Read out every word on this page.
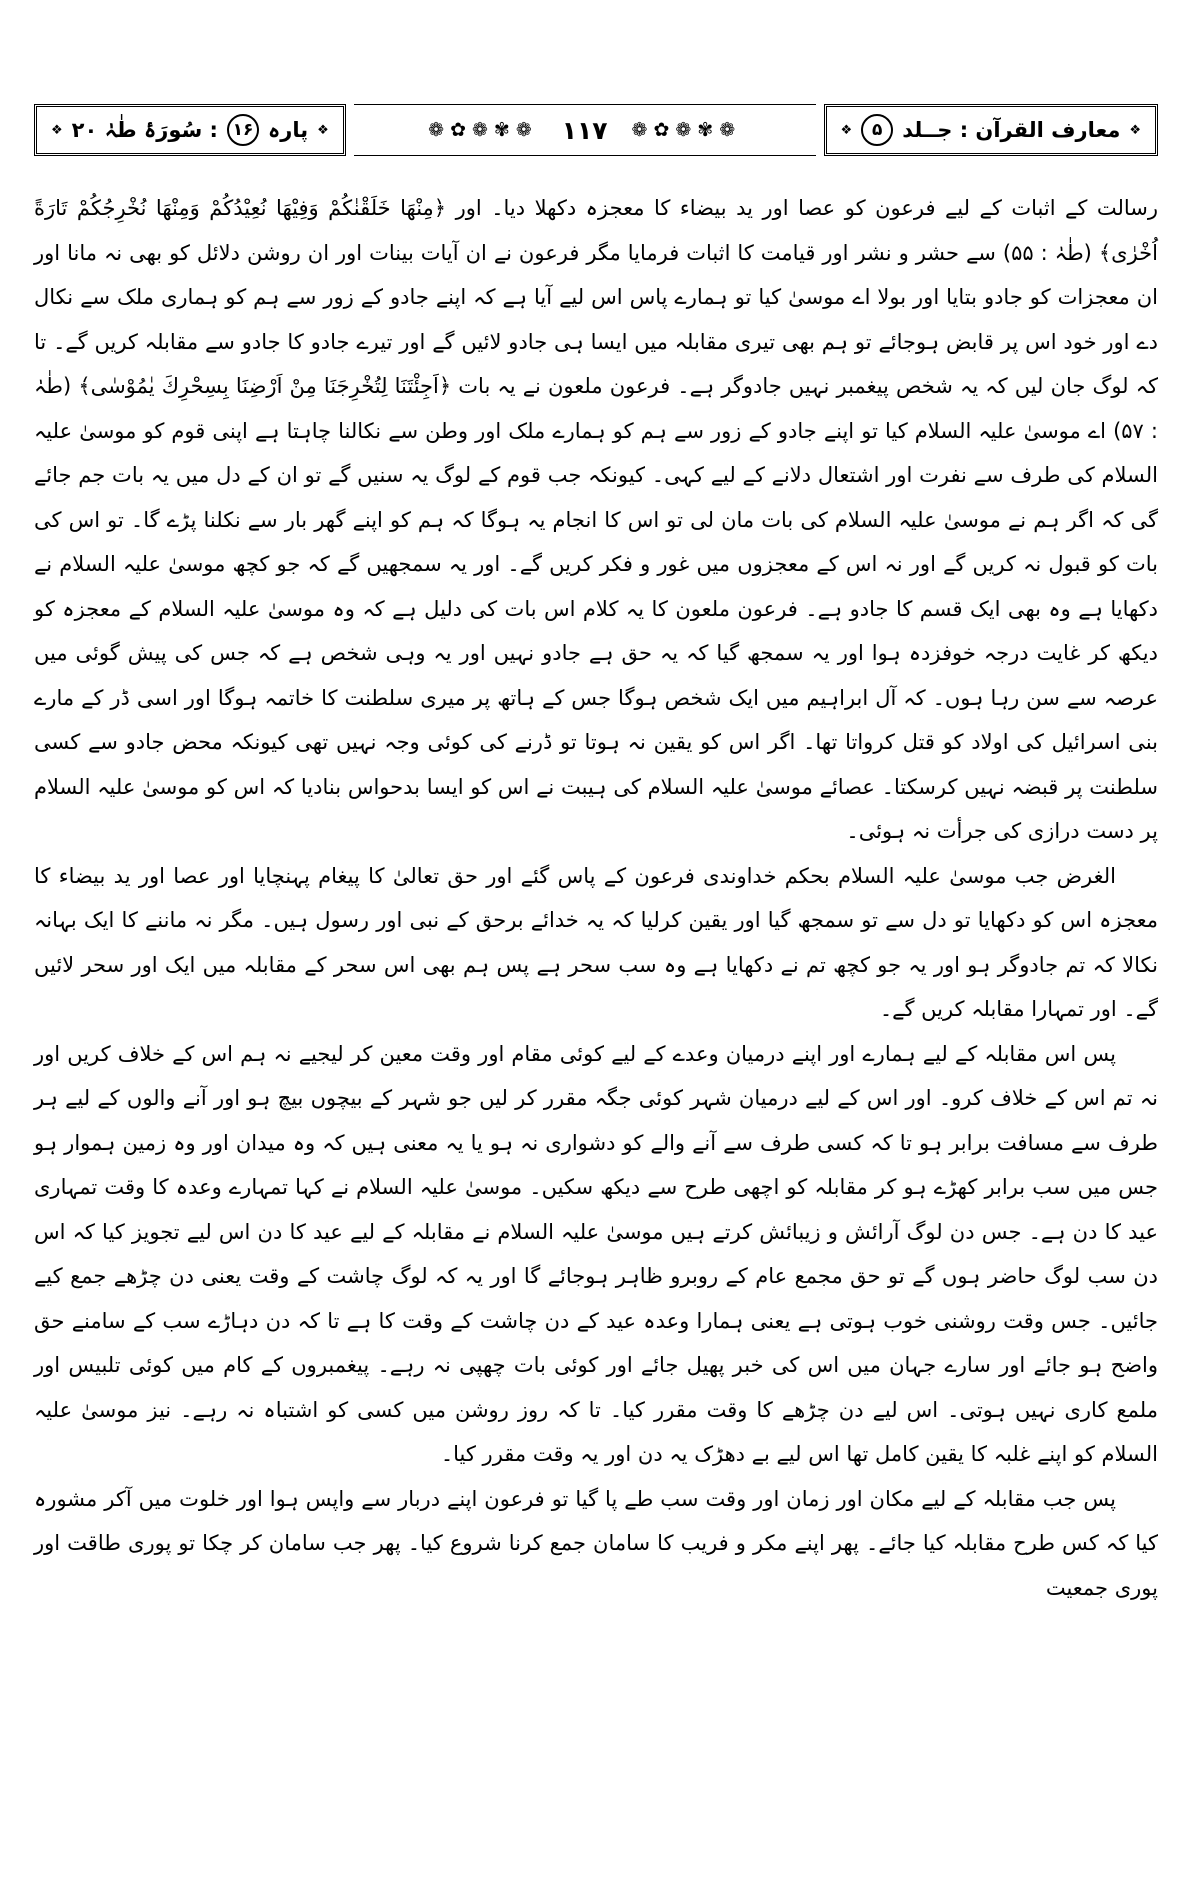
❖
معارف القرآن : جــلد
۵
❖
❁✾❁✿❁
۱۱۷
❁✾❁✿❁
❖
پارہ
۱۶
: سُورَۂ طٰہٰ ۲۰
❖

رسالت کے اثبات کے لیے فرعون کو عصا اور ید بیضاء کا معجزہ دکھلا دیا۔ اور ﴿مِنْهَا خَلَقْنٰكُمْ وَفِيْهَا نُعِيْدُكُمْ وَمِنْهَا نُخْرِجُكُمْ تَارَةً اُخْرٰى﴾ (طٰہٰ : ۵۵) سے حشر و نشر اور قیامت کا اثبات فرمایا مگر فرعون نے ان آیات بینات اور ان روشن دلائل کو بھی نہ مانا اور ان معجزات کو جادو بتایا اور بولا اے موسیٰ کیا تو ہمارے پاس اس لیے آیا ہے کہ اپنے جادو کے زور سے ہم کو ہماری ملک سے نکال دے اور خود اس پر قابض ہوجائے تو ہم بھی تیری مقابلہ میں ایسا ہی جادو لائیں گے اور تیرے جادو کا جادو سے مقابلہ کریں گے۔ تا کہ لوگ جان لیں کہ یہ شخص پیغمبر نہیں جادوگر ہے۔ فرعون ملعون نے یہ بات ﴿اَجِئْتَنَا لِتُخْرِجَنَا مِنْ اَرْضِنَا بِسِحْرِكَ يٰمُوْسٰى﴾ (طٰہٰ : ۵۷) اے موسیٰ علیہ السلام کیا تو اپنے جادو کے زور سے ہم کو ہمارے ملک اور وطن سے نکالنا چاہتا ہے اپنی قوم کو موسیٰ علیہ السلام کی طرف سے نفرت اور اشتعال دلانے کے لیے کہی۔ کیونکہ جب قوم کے لوگ یہ سنیں گے تو ان کے دل میں یہ بات جم جائے گی کہ اگر ہم نے موسیٰ علیہ السلام کی بات مان لی تو اس کا انجام یہ ہوگا کہ ہم کو اپنے گھر بار سے نکلنا پڑے گا۔ تو اس کی بات کو قبول نہ کریں گے اور نہ اس کے معجزوں میں غور و فکر کریں گے۔ اور یہ سمجھیں گے کہ جو کچھ موسیٰ علیہ السلام نے دکھایا ہے وہ بھی ایک قسم کا جادو ہے۔ فرعون ملعون کا یہ کلام اس بات کی دلیل ہے کہ وہ موسیٰ علیہ السلام کے معجزہ کو دیکھ کر غایت درجہ خوفزدہ ہوا اور یہ سمجھ گیا کہ یہ حق ہے جادو نہیں اور یہ وہی شخص ہے کہ جس کی پیش گوئی میں عرصہ سے سن رہا ہوں۔ کہ آل ابراہیم میں ایک شخص ہوگا جس کے ہاتھ پر میری سلطنت کا خاتمہ ہوگا اور اسی ڈر کے مارے بنی اسرائیل کی اولاد کو قتل کرواتا تھا۔ اگر اس کو یقین نہ ہوتا تو ڈرنے کی کوئی وجہ نہیں تھی کیونکہ محض جادو سے کسی سلطنت پر قبضہ نہیں کرسکتا۔ عصائے موسیٰ علیہ السلام کی ہیبت نے اس کو ایسا بدحواس بنادیا کہ اس کو موسیٰ علیہ السلام پر دست درازی کی جرأت نہ ہوئی۔

الغرض جب موسیٰ علیہ السلام بحکم خداوندی فرعون کے پاس گئے اور حق تعالیٰ کا پیغام پہنچایا اور عصا اور ید بیضاء کا معجزہ اس کو دکھایا تو دل سے تو سمجھ گیا اور یقین کرلیا کہ یہ خدائے برحق کے نبی اور رسول ہیں۔ مگر نہ ماننے کا ایک بہانہ نکالا کہ تم جادوگر ہو اور یہ جو کچھ تم نے دکھایا ہے وہ سب سحر ہے پس ہم بھی اس سحر کے مقابلہ میں ایک اور سحر لائیں گے۔ اور تمہارا مقابلہ کریں گے۔

پس اس مقابلہ کے لیے ہمارے اور اپنے درمیان وعدے کے لیے کوئی مقام اور وقت معین کر لیجیے نہ ہم اس کے خلاف کریں اور نہ تم اس کے خلاف کرو۔ اور اس کے لیے درمیان شہر کوئی جگہ مقرر کر لیں جو شہر کے بیچوں بیچ ہو اور آنے والوں کے لیے ہر طرف سے مسافت برابر ہو تا کہ کسی طرف سے آنے والے کو دشواری نہ ہو یا یہ معنی ہیں کہ وہ میدان اور وہ زمین ہموار ہو جس میں سب برابر کھڑے ہو کر مقابلہ کو اچھی طرح سے دیکھ سکیں۔ موسیٰ علیہ السلام نے کہا تمہارے وعدہ کا وقت تمہاری عید کا دن ہے۔ جس دن لوگ آرائش و زیبائش کرتے ہیں موسیٰ علیہ السلام نے مقابلہ کے لیے عید کا دن اس لیے تجویز کیا کہ اس دن سب لوگ حاضر ہوں گے تو حق مجمع عام کے روبرو ظاہر ہوجائے گا اور یہ کہ لوگ چاشت کے وقت یعنی دن چڑھے جمع کیے جائیں۔ جس وقت روشنی خوب ہوتی ہے یعنی ہمارا وعدہ عید کے دن چاشت کے وقت کا ہے تا کہ دن دہاڑے سب کے سامنے حق واضح ہو جائے اور سارے جہان میں اس کی خبر پھیل جائے اور کوئی بات چھپی نہ رہے۔ پیغمبروں کے کام میں کوئی تلبیس اور ملمع کاری نہیں ہوتی۔ اس لیے دن چڑھے کا وقت مقرر کیا۔ تا کہ روز روشن میں کسی کو اشتباہ نہ رہے۔ نیز موسیٰ علیہ السلام کو اپنے غلبہ کا یقین کامل تھا اس لیے بے دھڑک یہ دن اور یہ وقت مقرر کیا۔

پس جب مقابلہ کے لیے مکان اور زمان اور وقت سب طے پا گیا تو فرعون اپنے دربار سے واپس ہوا اور خلوت میں آکر مشورہ کیا کہ کس طرح مقابلہ کیا جائے۔ پھر اپنے مکر و فریب کا سامان جمع کرنا شروع کیا۔ پھر جب سامان کر چکا تو پوری طاقت اور پوری جمعیت
